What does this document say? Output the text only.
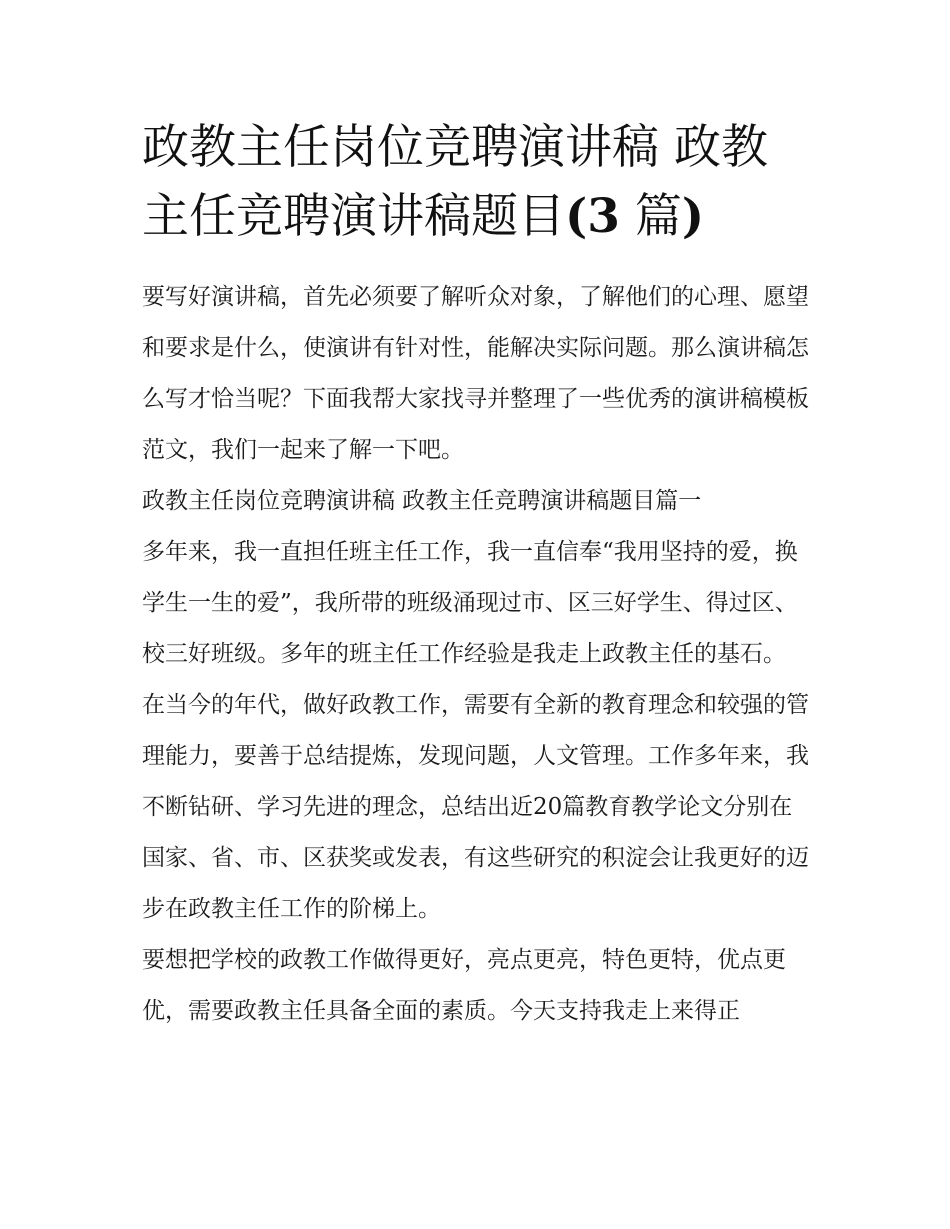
政教主任岗位竞聘演讲稿 政教主任竞聘演讲稿题目(3 篇)

要写好演讲稿，首先必须要了解听众对象，了解他们的心理、愿望和要求是什么，使演讲有针对性，能解决实际问题。那么演讲稿怎么写才恰当呢？下面我帮大家找寻并整理了一些优秀的演讲稿模板范文，我们一起来了解一下吧。

政教主任岗位竞聘演讲稿 政教主任竞聘演讲稿题目篇一

多年来，我一直担任班主任工作，我一直信奉“我用坚持的爱，换学生一生的爱”，我所带的班级涌现过市、区三好学生、得过区、校三好班级。多年的班主任工作经验是我走上政教主任的基石。

在当今的年代，做好政教工作，需要有全新的教育理念和较强的管理能力，要善于总结提炼，发现问题，人文管理。工作多年来，我不断钻研、学习先进的理念，总结出近20篇教育教学论文分别在国家、省、市、区获奖或发表，有这些研究的积淀会让我更好的迈步在政教主任工作的阶梯上。

要想把学校的政教工作做得更好，亮点更亮，特色更特，优点更优，需要政教主任具备全面的素质。今天支持我走上来得正
